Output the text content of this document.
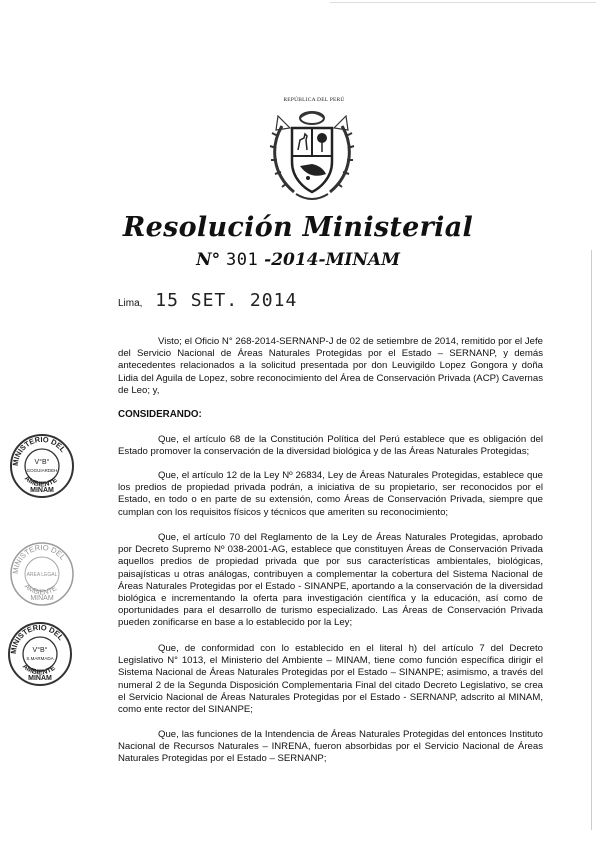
REPÚBLICA DEL PERÚ
Resolución Ministerial
N° 301 -2014-MINAM
Lima, 15 SET. 2014

Visto; el Oficio N° 268-2014-SERNANP-J de 02 de setiembre de 2014, remitido por el Jefe del Servicio Nacional de Áreas Naturales Protegidas por el Estado – SERNANP, y demás antecedentes relacionados a la solicitud presentada por don Leuvigildo Lopez Gongora y doña Lidia del Aguila de Lopez, sobre reconocimiento del Área de Conservación Privada (ACP) Cavernas de Leo; y,

CONSIDERANDO:

Que, el artículo 68 de la Constitución Política del Perú establece que es obligación del Estado promover la conservación de la diversidad biológica y de las Áreas Naturales Protegidas;

Que, el artículo 12 de la Ley Nº 26834, Ley de Áreas Naturales Protegidas, establece que los predios de propiedad privada podrán, a iniciativa de su propietario, ser reconocidos por el Estado, en todo o en parte de su extensión, como Áreas de Conservación Privada, siempre que cumplan con los requisitos físicos y técnicos que ameriten su reconocimiento;

Que, el artículo 70 del Reglamento de la Ley de Áreas Naturales Protegidas, aprobado por Decreto Supremo Nº 038-2001-AG, establece que constituyen Áreas de Conservación Privada aquellos predios de propiedad privada que por sus características ambientales, biológicas, paisajísticas u otras análogas, contribuyen a complementar la cobertura del Sistema Nacional de Áreas Naturales Protegidas por el Estado - SINANPE, aportando a la conservación de la diversidad biológica e incrementando la oferta para investigación científica y la educación, así como de oportunidades para el desarrollo de turismo especializado. Las Áreas de Conservación Privada pueden zonificarse en base a lo establecido por la Ley;

Que, de conformidad con lo establecido en el literal h) del artículo 7 del Decreto Legislativo N° 1013, el Ministerio del Ambiente – MINAM, tiene como función específica dirigir el Sistema Nacional de Áreas Naturales Protegidas por el Estado – SINANPE; asimismo, a través del numeral 2 de la Segunda Disposición Complementaria Final del citado Decreto Legislativo, se crea el Servicio Nacional de Áreas Naturales Protegidas por el Estado - SERNANP, adscrito al MINAM, como ente rector del SINANPE;

Que, las funciones de la Intendencia de Áreas Naturales Protegidas del entonces Instituto Nacional de Recursos Naturales – INRENA, fueron absorbidas por el Servicio Nacional de Áreas Naturales Protegidas por el Estado – SERNANP;

MINISTERIO DEL
AMBIENTE
V°B°
GOGUIARDEH
MINAM
MINISTERIO DEL
AMBIENTE
AREA LEGAL
MINAM
MINISTERIO DEL
AMBIENTE
V°B°
S.MARMADA
MINAM
